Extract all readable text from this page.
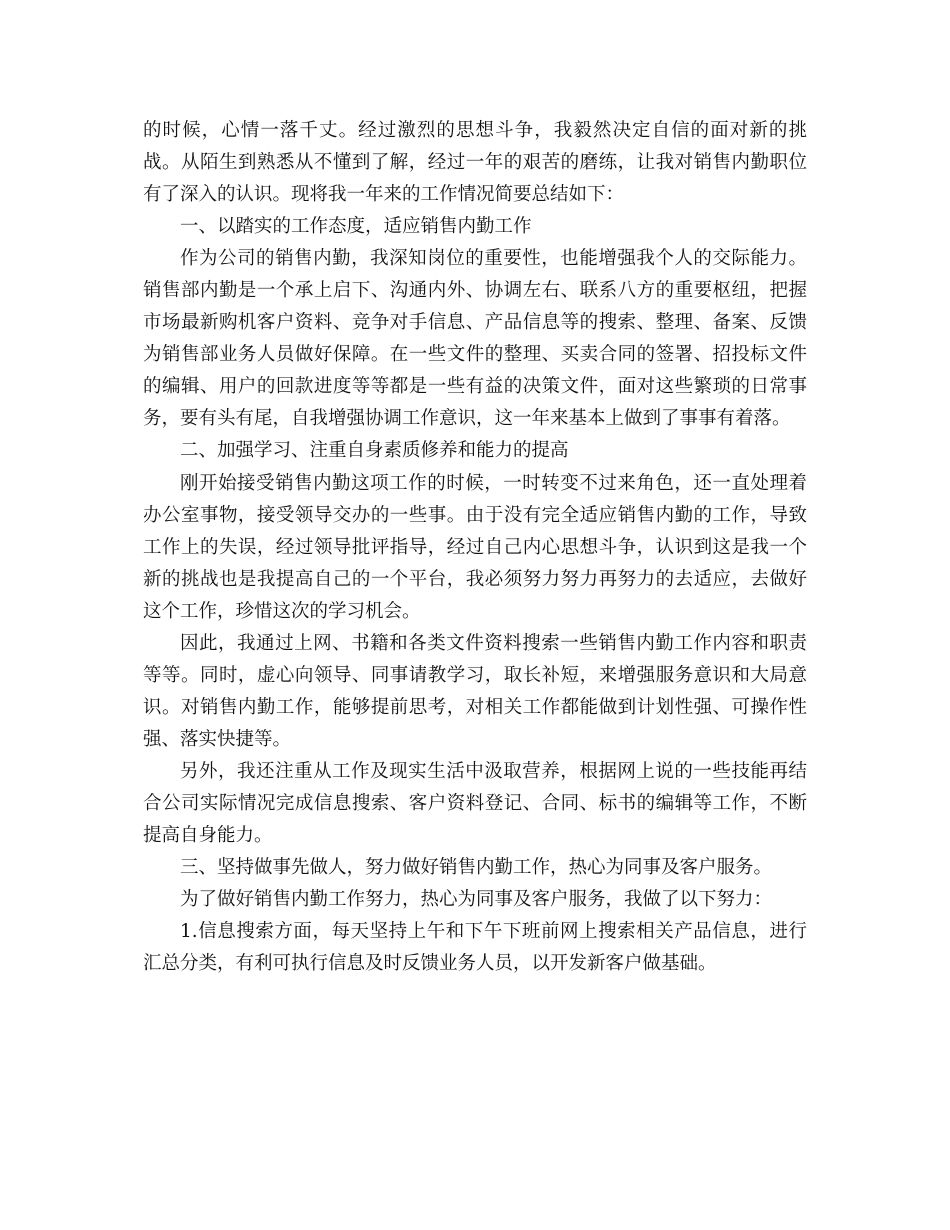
的时候，心情一落千丈。经过激烈的思想斗争，我毅然决定自信的面对新的挑战。从陌生到熟悉从不懂到了解，经过一年的艰苦的磨练，让我对销售内勤职位有了深入的认识。现将我一年来的工作情况简要总结如下：

一、以踏实的工作态度，适应销售内勤工作

作为公司的销售内勤，我深知岗位的重要性，也能增强我个人的交际能力。销售部内勤是一个承上启下、沟通内外、协调左右、联系八方的重要枢纽，把握市场最新购机客户资料、竞争对手信息、产品信息等的搜索、整理、备案、反馈为销售部业务人员做好保障。在一些文件的整理、买卖合同的签署、招投标文件的编辑、用户的回款进度等等都是一些有益的决策文件，面对这些繁琐的日常事务，要有头有尾，自我增强协调工作意识，这一年来基本上做到了事事有着落。

二、加强学习、注重自身素质修养和能力的提高

刚开始接受销售内勤这项工作的时候，一时转变不过来角色，还一直处理着办公室事物，接受领导交办的一些事。由于没有完全适应销售内勤的工作，导致工作上的失误，经过领导批评指导，经过自己内心思想斗争，认识到这是我一个新的挑战也是我提高自己的一个平台，我必须努力努力再努力的去适应，去做好这个工作，珍惜这次的学习机会。

因此，我通过上网、书籍和各类文件资料搜索一些销售内勤工作内容和职责等等。同时，虚心向领导、同事请教学习，取长补短，来增强服务意识和大局意识。对销售内勤工作，能够提前思考，对相关工作都能做到计划性强、可操作性强、落实快捷等。

另外，我还注重从工作及现实生活中汲取营养，根据网上说的一些技能再结合公司实际情况完成信息搜索、客户资料登记、合同、标书的编辑等工作，不断提高自身能力。

三、坚持做事先做人，努力做好销售内勤工作，热心为同事及客户服务。

为了做好销售内勤工作努力，热心为同事及客户服务，我做了以下努力：

1.信息搜索方面，每天坚持上午和下午下班前网上搜索相关产品信息，进行汇总分类，有利可执行信息及时反馈业务人员，以开发新客户做基础。
